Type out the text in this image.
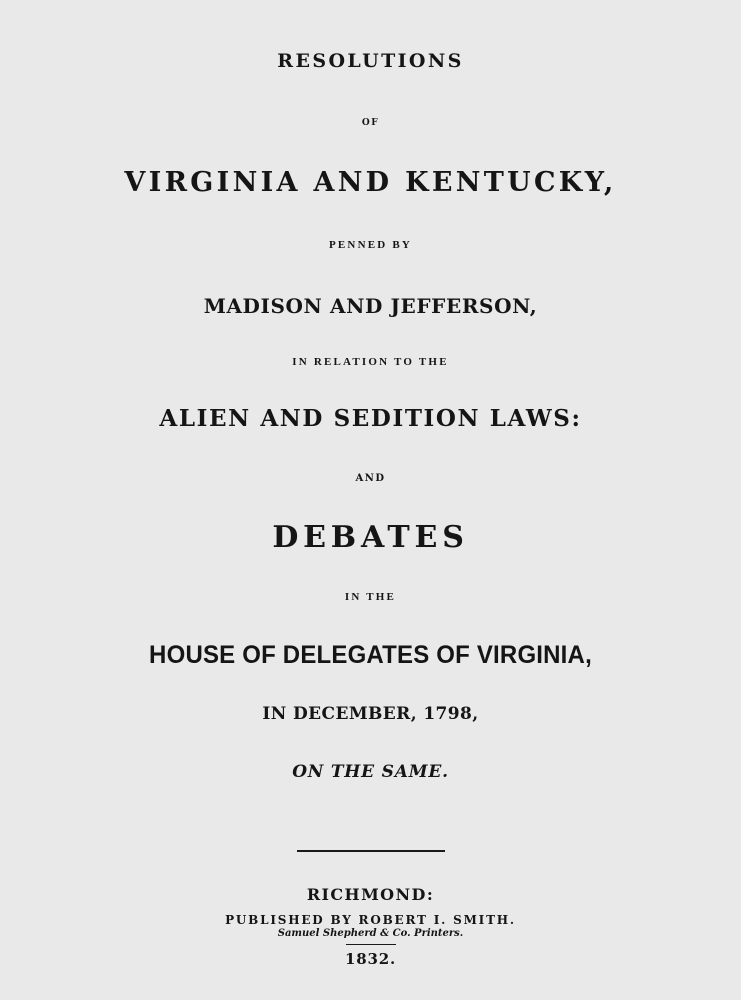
RESOLUTIONS

OF

VIRGINIA AND KENTUCKY,

PENNED BY

MADISON AND JEFFERSON,

IN RELATION TO THE

ALIEN AND SEDITION LAWS:

AND

DEBATES

IN THE

HOUSE OF DELEGATES OF VIRGINIA,

IN DECEMBER, 1798,

ON THE SAME.

RICHMOND:

PUBLISHED BY ROBERT I. SMITH.

Samuel Shepherd & Co. Printers.

1832.
